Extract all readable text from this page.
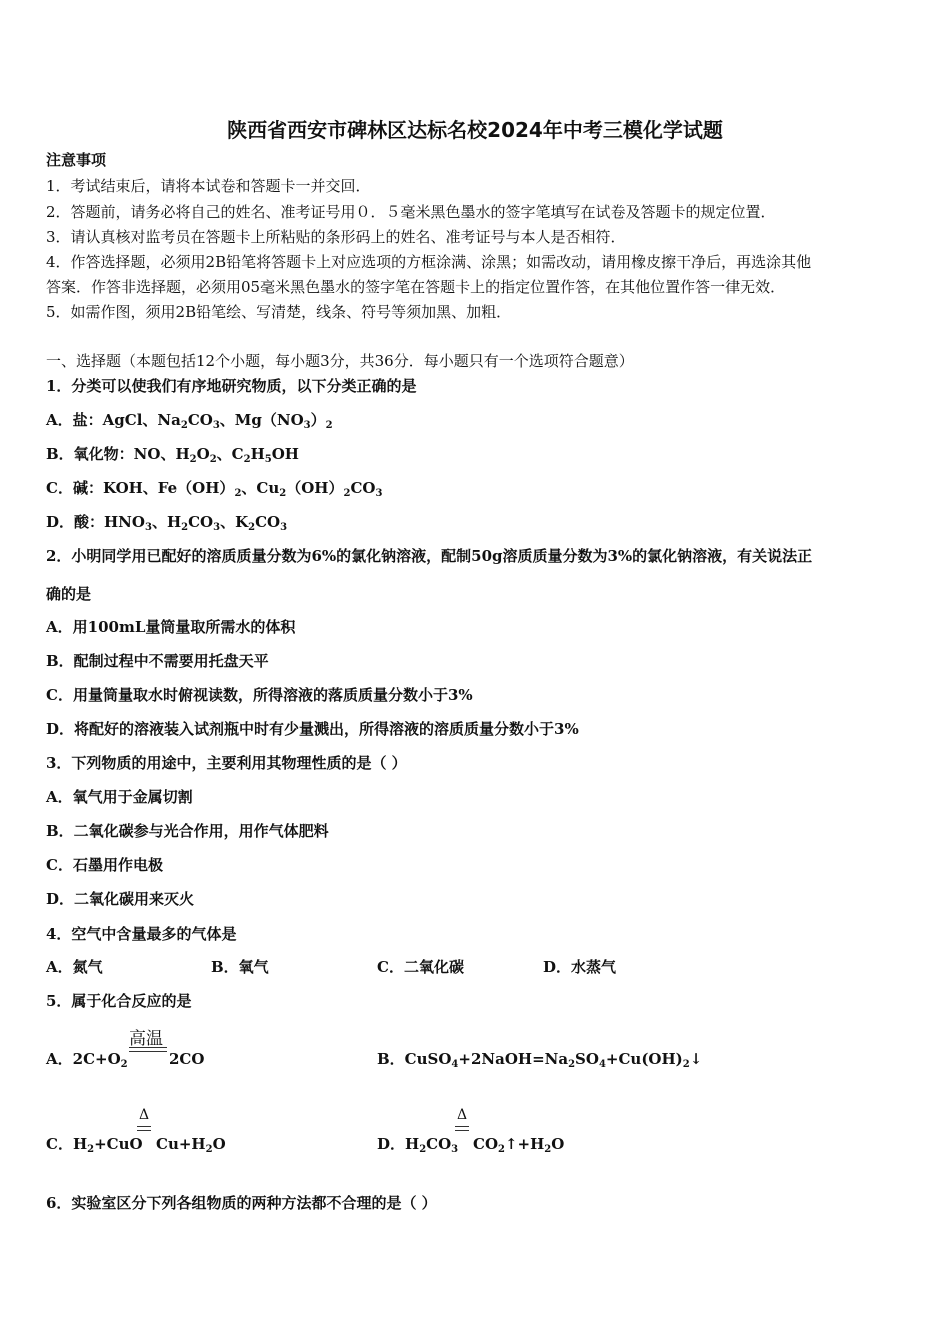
陕西省西安市碑林区达标名校2024年中考三模化学试题
注意事项
1．考试结束后，请将本试卷和答题卡一并交回．
2．答题前，请务必将自己的姓名、准考证号用０．５毫米黑色墨水的签字笔填写在试卷及答题卡的规定位置．
3．请认真核对监考员在答题卡上所粘贴的条形码上的姓名、准考证号与本人是否相符．
4．作答选择题，必须用2B铅笔将答题卡上对应选项的方框涂满、涂黑；如需改动，请用橡皮擦干净后，再选涂其他
答案．作答非选择题，必须用05毫米黑色墨水的签字笔在答题卡上的指定位置作答，在其他位置作答一律无效．
5．如需作图，须用2B铅笔绘、写清楚，线条、符号等须加黑、加粗．
一、选择题（本题包括12个小题，每小题3分，共36分．每小题只有一个选项符合题意）
1．分类可以使我们有序地研究物质，以下分类正确的是
A．盐：AgCl、$Na_2CO_3$、$Mg(NO_3)_2$
B．氧化物：NO、$H_2O_2$、$C_2H_5OH$
C．碱：KOH、$Fe(OH)_2$、$Cu_2(OH)_2CO_3$
D．酸：$HNO_3$、$H_2CO_3$、$K_2CO_3$
2．小明同学用已配好的溶质质量分数为6%的氯化钠溶液，配制50g溶质质量分数为3%的氯化钠溶液，有关说法正
确的是
A．用100mL量筒量取所需水的体积
B．配制过程中不需要用托盘天平
C．用量筒量取水时俯视读数，所得溶液的落质质量分数小于3%
D．将配好的溶液装入试剂瓶中时有少量溅出，所得溶液的溶质质量分数小于3%
3．下列物质的用途中，主要利用其物理性质的是（ ）
A．氧气用于金属切割
B．二氧化碳参与光合作用，用作气体肥料
C．石墨用作电极
D．二氧化碳用来灭火
4．空气中含量最多的气体是
A．氮气	B．氧气	C．二氧化碳	D．水蒸气
5．属于化合反应的是
A．$2C+O_2$
高温
2CO	B．$CuSO_4+2NaOH=Na_2SO_4+Cu(OH)_2↓$
C．$H_2+CuO$
Δ
$Cu+H_2O$	D．$H_2CO_3$
Δ
$CO_2↑+H_2O$
6．实验室区分下列各组物质的两种方法都不合理的是（ ）
